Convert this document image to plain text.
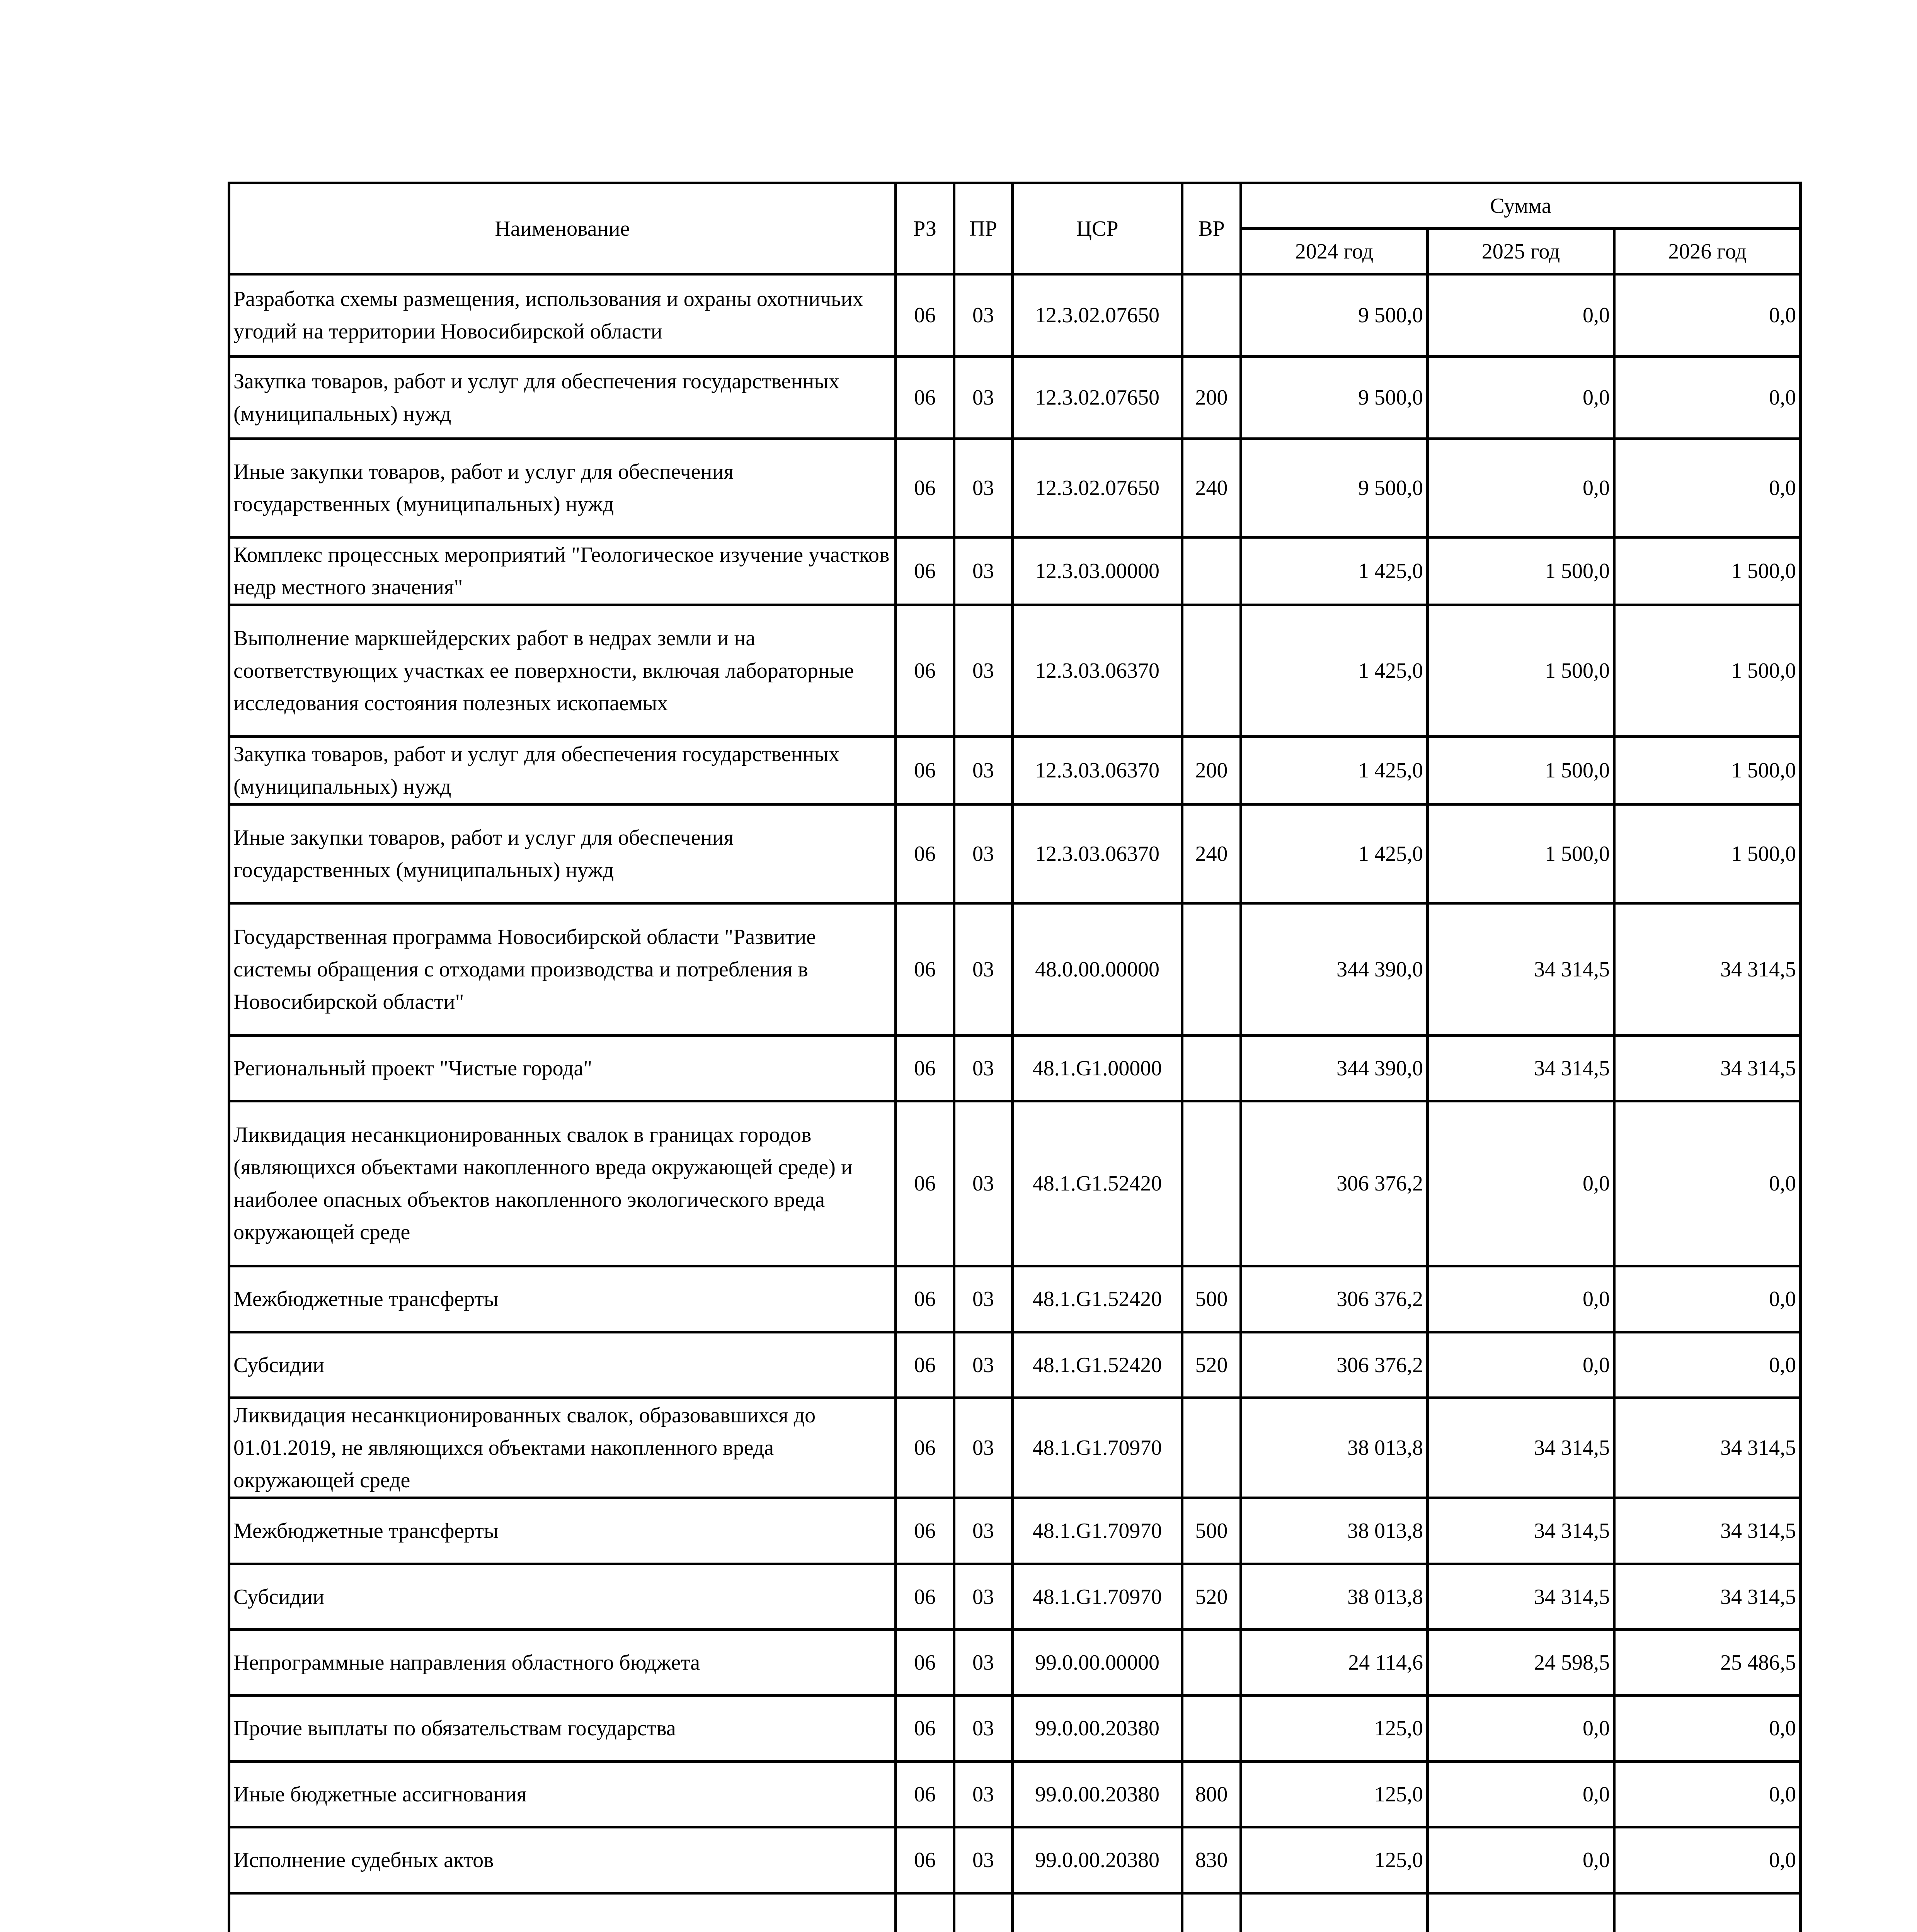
Наименование	РЗ	ПР	ЦСР	ВР	Сумма		
					2024 год	2025 год	2026 год
Разработка схемы размещения, использования и охраны охотничьих угодий на территории Новосибирской области	06	03	12.3.02.07650		9 500,0	0,0	0,0
Закупка товаров, работ и услуг для обеспечения государственных (муниципальных) нужд	06	03	12.3.02.07650	200	9 500,0	0,0	0,0
Иные закупки товаров, работ и услуг для обеспечения государственных (муниципальных) нужд	06	03	12.3.02.07650	240	9 500,0	0,0	0,0
Комплекс процессных мероприятий "Геологическое изучение участков недр местного значения"	06	03	12.3.03.00000		1 425,0	1 500,0	1 500,0
Выполнение маркшейдерских работ в недрах земли и на соответствующих участках ее поверхности, включая лабораторные исследования состояния полезных ископаемых	06	03	12.3.03.06370		1 425,0	1 500,0	1 500,0
Закупка товаров, работ и услуг для обеспечения государственных (муниципальных) нужд	06	03	12.3.03.06370	200	1 425,0	1 500,0	1 500,0
Иные закупки товаров, работ и услуг для обеспечения государственных (муниципальных) нужд	06	03	12.3.03.06370	240	1 425,0	1 500,0	1 500,0
Государственная программа Новосибирской области "Развитие системы обращения с отходами производства и потребления в Новосибирской области"	06	03	48.0.00.00000		344 390,0	34 314,5	34 314,5
Региональный проект "Чистые города"	06	03	48.1.G1.00000		344 390,0	34 314,5	34 314,5
Ликвидация несанкционированных свалок в границах городов (являющихся объектами накопленного вреда окружающей среде) и наиболее опасных объектов накопленного экологического вреда окружающей среде	06	03	48.1.G1.52420		306 376,2	0,0	0,0
Межбюджетные трансферты	06	03	48.1.G1.52420	500	306 376,2	0,0	0,0
Субсидии	06	03	48.1.G1.52420	520	306 376,2	0,0	0,0
Ликвидация несанкционированных свалок, образовавшихся до 01.01.2019, не являющихся объектами накопленного вреда окружающей среде	06	03	48.1.G1.70970		38 013,8	34 314,5	34 314,5
Межбюджетные трансферты	06	03	48.1.G1.70970	500	38 013,8	34 314,5	34 314,5
Субсидии	06	03	48.1.G1.70970	520	38 013,8	34 314,5	34 314,5
Непрограммные направления областного бюджета	06	03	99.0.00.00000		24 114,6	24 598,5	25 486,5
Прочие выплаты по обязательствам государства	06	03	99.0.00.20380		125,0	0,0	0,0
Иные бюджетные ассигнования	06	03	99.0.00.20380	800	125,0	0,0	0,0
Исполнение судебных актов	06	03	99.0.00.20380	830	125,0	0,0	0,0
